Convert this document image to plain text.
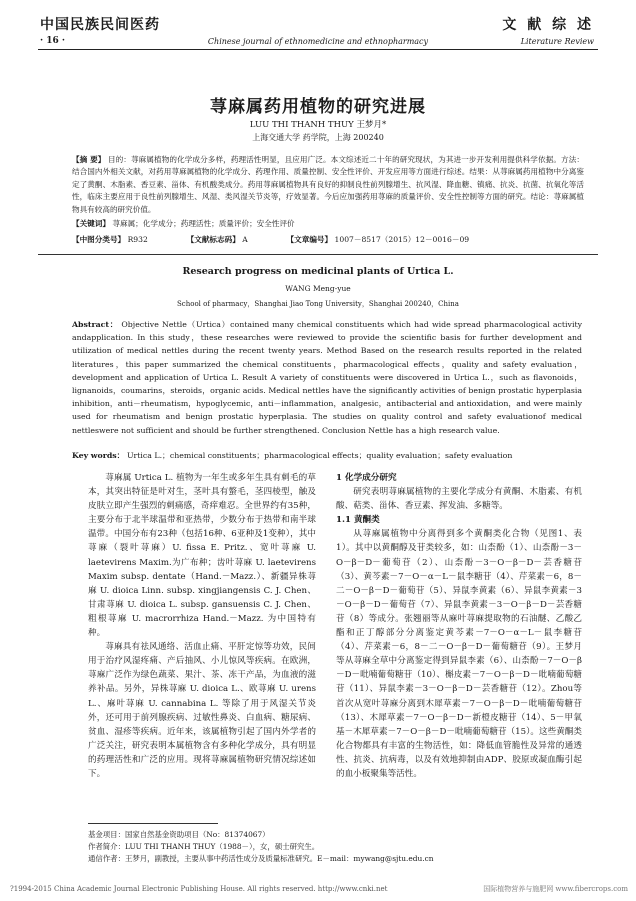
中国民族民间医药	文 献 综 述
· 16 ·	Chinese journal of ethnomedicine and ethnopharmacy	Literature Review
荨麻属药用植物的研究进展
LUU THI THANH THUY 王梦月*
上海交通大学 药学院，上海 200240
【摘 要】 目的：荨麻属植物的化学成分多样，药理活性明显，且应用广泛。本文综述近二十年的研究现状，为其进一步开发利用提供科学依据。方法：结合国内外相关文献，对药用荨麻属植物的化学成分、药理作用、质量控制、安全性评价、开发应用等方面进行综述。结果：从荨麻属药用植物中分离鉴定了黄酮、木脂素、香豆素、甾体、有机酸类成分。药用荨麻属植物具有良好的抑制良性前列腺增生、抗风湿、降血糖、镇痛、抗炎、抗菌、抗氧化等活性，临床主要应用于良性前列腺增生、风湿、类风湿关节炎等，疗效显著。今后应加强药用荨麻的质量评价、安全性控制等方面的研究。结论：荨麻属植物具有较高的研究价值。
【关键词】 荨麻属；化学成分；药理活性；质量评价；安全性评价
【中图分类号】 R932	【文献标志码】 A	【文章编号】 1007－8517（2015）12－0016－09
Research progress on medicinal plants of Urtica L.
WANG Meng-yue
School of pharmacy，Shanghai Jiao Tong University，Shanghai 200240，China
Abstract： Objective Nettle（Urtica）contained many chemical constituents which had wide spread pharmacological activity andapplication. In this study，these researches were reviewed to provide the scientific basis for further development and utilization of medical nettles during the recent twenty years. Method Based on the research results reported in the related literatures，this paper summarized the chemical constituents，pharmacological effects，quality and safety evaluation，development and application of Urtica L. Result A variety of constituents were discovered in Urtica L.，such as flavonoids，lignanoids，coumarins，steroids，organic acids. Medical nettles have the significantly activities of benign prostatic hyperplasia inhibition，anti－rheumatism，hypoglycemic，anti－inflammation，analgesic，antibacterial and antioxidation，and were mainly used for rheumatism and benign prostatic hyperplasia. The studies on quality control and safety evaluationof medical nettleswere not sufficient and should be further strengthened. Conclusion Nettle has a high research value.
Key words： Urtica L.；chemical constituents；pharmacological effects；quality evaluation；safety evaluation

荨麻属 Urtica L. 植物为一年生或多年生具有刺毛的草本，其突出特征是叶对生，茎叶具有螫毛，茎四棱型，触及皮肤立即产生强烈的刺痛感，奇痒难忍。全世界约有35种，主要分布于北半球温带和亚热带，少数分布于热带和南半球温带。中国分布有23种（包括16种、6亚种及1变种），其中荨麻（裂叶荨麻）U. fissa E. Pritz.、宽叶荨麻 U. laetevirens Maxim.为广布种；齿叶荨麻 U. laetevirens Maxim subsp. dentate（Hand.－Mazz.）、新疆异株荨麻 U. dioica Linn. subsp. xingjiangensis C. J. Chen、甘肃荨麻 U. dioica L. subsp. gansuensis C. J. Chen、粗根荨麻 U. macrorrhiza Hand.－Mazz. 为中国特有种。

荨麻具有祛风通络、活血止痛、平肝定惊等功效，民间用于治疗风湿疼痛、产后抽风、小儿惊风等疾病。在欧洲，荨麻广泛作为绿色蔬菜、果汁、茶、冻干产品，为血液的滋养补品。另外，异株荨麻 U. dioica L.、欧荨麻 U. urens L.、麻叶荨麻 U. cannabina L. 等除了用于风湿关节炎外，还可用于前列腺疾病、过敏性鼻炎、白血病、糖尿病、贫血、湿疹等疾病。近年来，该属植物引起了国内外学者的广泛关注，研究表明本属植物含有多种化学成分，具有明显的药理活性和广泛的应用。现将荨麻属植物研究情况综述如下。

1 化学成分研究

研究表明荨麻属植物的主要化学成分有黄酮、木脂素、有机酸、萜类、甾体、香豆素、挥发油、多糖等。

1.1 黄酮类

从荨麻属植物中分离得到多个黄酮类化合物（见图1、表1）。其中以黄酮醇及苷类较多，如：山柰酚（1）、山柰酚－3－O－β－D－葡萄苷（2）、山柰酚－3－O－β－D－芸香糖苷（3）、黄芩素－7－O－α－L－鼠李糖苷（4）、芹菜素－6，8－二－O－β－D－葡萄苷（5）、异鼠李黄素（6）、异鼠李黄素－3－O－β－D－葡萄苷（7）、异鼠李黄素－3－O－β－D－芸香糖苷（8）等成分。张翘丽等从麻叶荨麻提取物的石油醚、乙酸乙酯和正丁醇部分分离鉴定黄芩素－7－O－α－L－鼠李糖苷（4）、芹菜素－6，8－二－O－β－D－葡萄糖苷（9）。王梦月等从荨麻全草中分离鉴定得到异鼠李素（6）、山柰酚－7－O－β－D－吡喃葡萄糖苷（10）、槲皮素－7－O－β－D－吡喃葡萄糖苷（11）、异鼠李素－3－O－β－D－芸香糖苷（12）。Zhou等首次从宽叶荨麻分离到木犀草素－7－O－β－D－吡喃葡萄糖苷（13）、木犀草素－7－O－β－D－新橙皮糖苷（14）、5－甲氧基－木犀草素－7－O－β－D－吡喃葡萄糖苷（15）。这些黄酮类化合物都具有丰富的生物活性，如：降低血管脆性及异常的通透性、抗炎、抗病毒，以及有效地抑制由ADP、胶原或凝血酶引起的血小板聚集等活性。

基金项目：国家自然基金资助项目（No：81374067）
作者简介：LUU THI THANH THUY（1988－），女，硕士研究生。
通信作者：王梦月，副教授，主要从事中药活性成分及质量标准研究。E－mail：mywang@sjtu.edu.cn
?1994-2015 China Academic Journal Electronic Publishing House. All rights reserved. http://www.cnki.net	国际植物营养与施肥网 www.fibercrops.com
